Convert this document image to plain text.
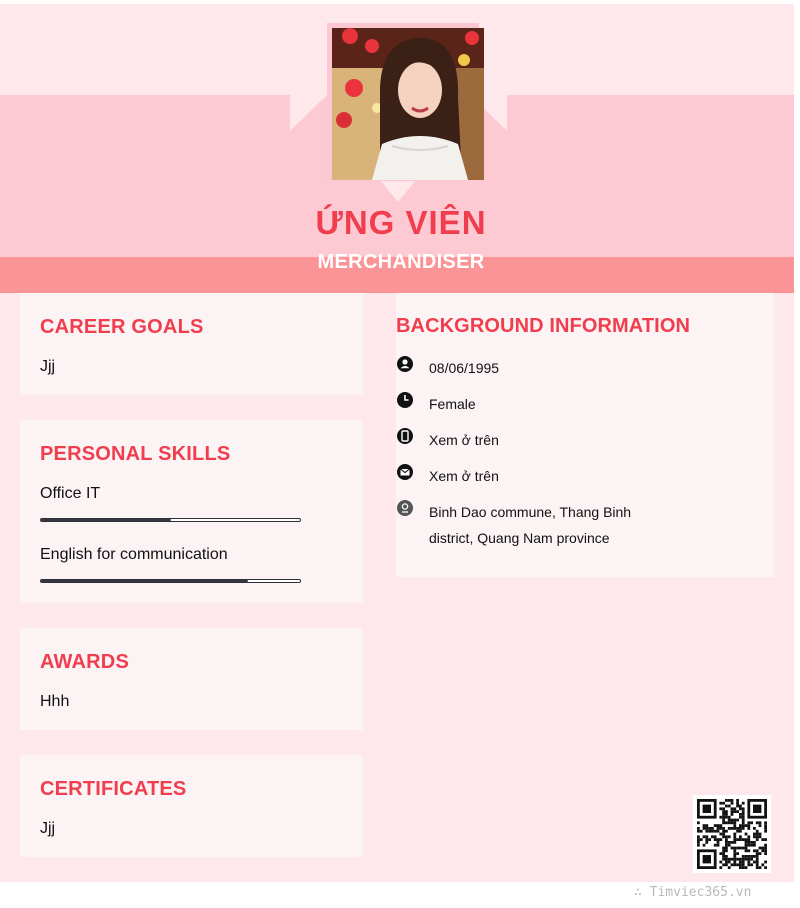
ỨNG VIÊN
MERCHANDISER
CAREER GOALS
Jjj
PERSONAL SKILLS
Office IT
English for communication
AWARDS
Hhh
CERTIFICATES
Jjj
BACKGROUND INFORMATION
08/06/1995
Female
Xem ở trên
Xem ở trên
Binh Dao commune, Thang Binh district, Quang Nam province
∴ Timviec365.vn
